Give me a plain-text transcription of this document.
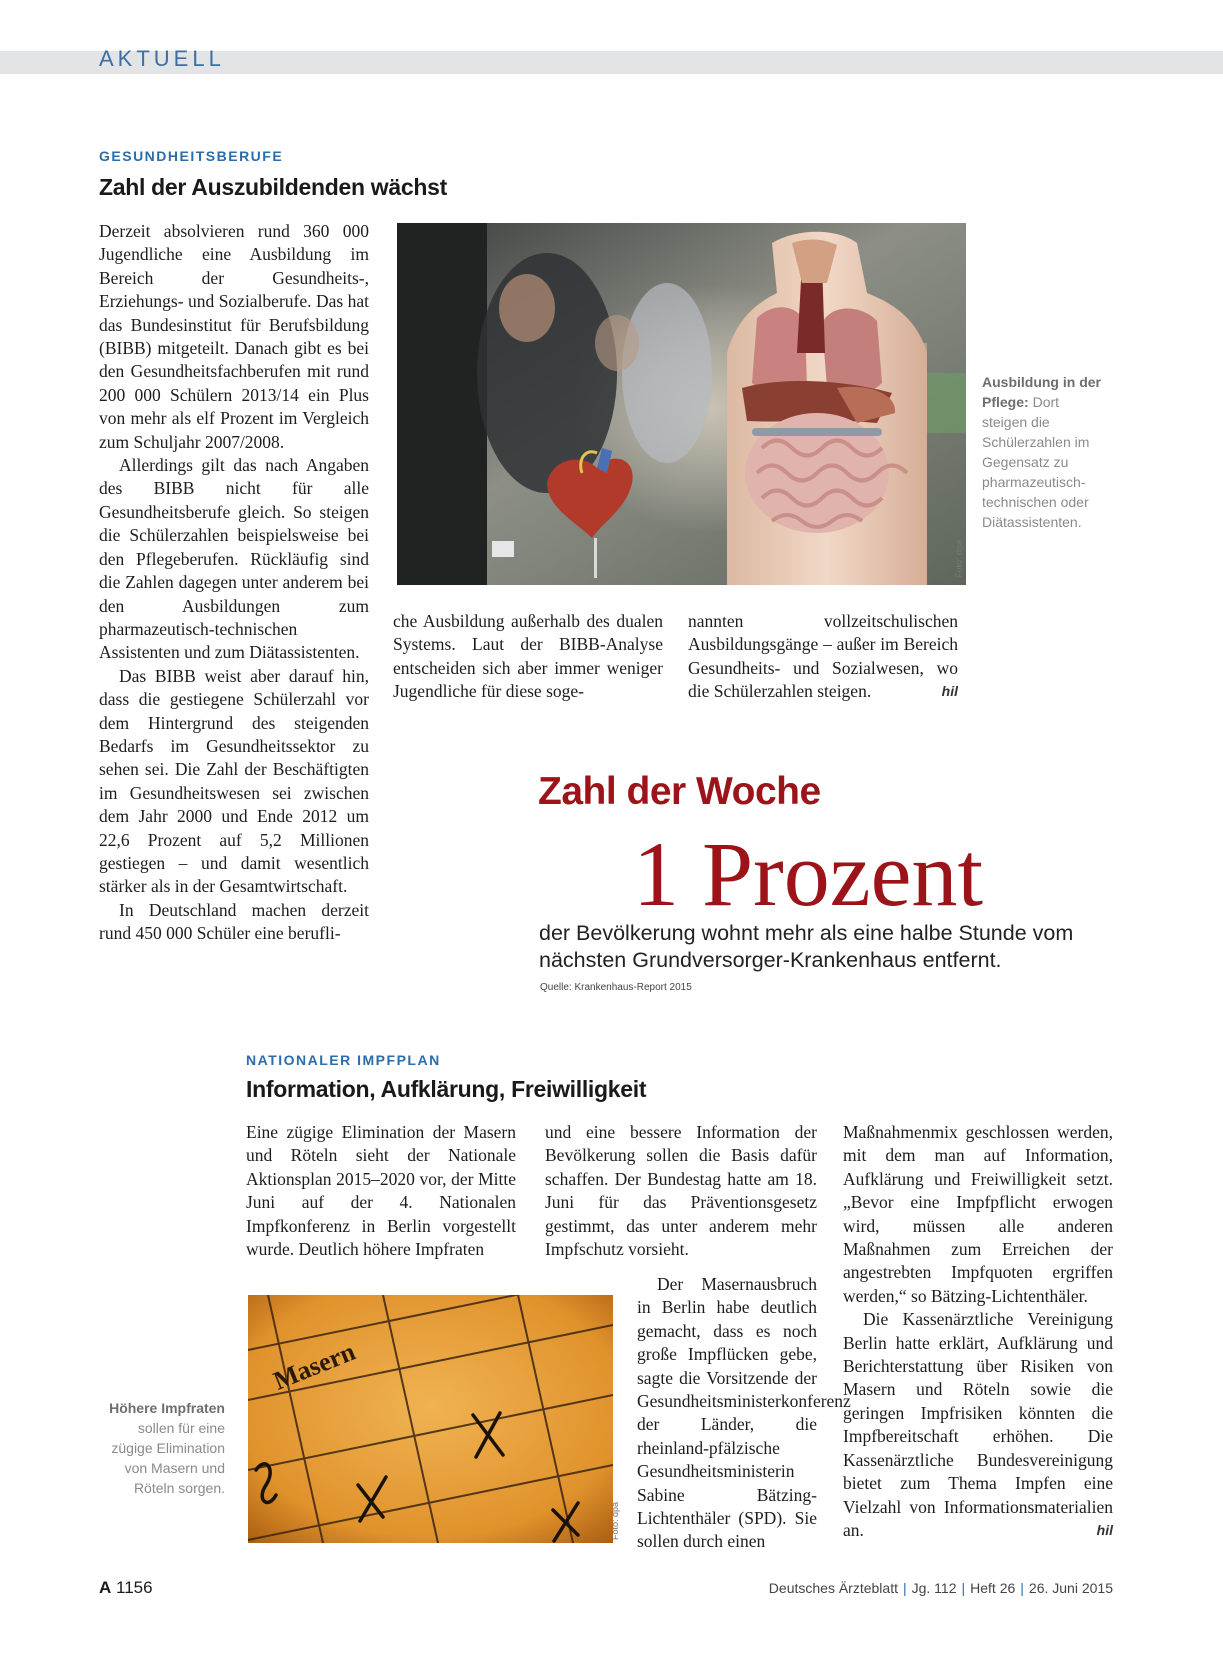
AKTUELL
GESUNDHEITSBERUFE
Zahl der Auszubildenden wächst

Derzeit absolvieren rund 360 000 Jugendliche eine Ausbildung im Bereich der Gesundheits-, Erziehungs- und Sozialberufe. Das hat das Bundesinstitut für Berufsbildung (BIBB) mitgeteilt. Danach gibt es bei den Gesundheitsfachberufen mit rund 200 000 Schülern 2013/14 ein Plus von mehr als elf Prozent im Vergleich zum Schuljahr 2007/2008.

Allerdings gilt das nach Angaben des BIBB nicht für alle Gesundheitsberufe gleich. So steigen die Schülerzahlen beispielsweise bei den Pflegeberufen. Rückläufig sind die Zahlen dagegen unter anderem bei den Ausbildungen zum pharmazeutisch-technischen Assistenten und zum Diätassistenten.

Das BIBB weist aber darauf hin, dass die gestiegene Schülerzahl vor dem Hintergrund des steigenden Bedarfs im Gesundheitssektor zu sehen sei. Die Zahl der Beschäftigten im Gesundheitswesen sei zwischen dem Jahr 2000 und Ende 2012 um 22,6 Prozent auf 5,2 Millionen gestiegen – und damit wesentlich stärker als in der Gesamtwirtschaft.

In Deutschland machen derzeit rund 450 000 Schüler eine berufli-

Foto: dpa
Ausbildung in der Pflege: Dort steigen die Schülerzahlen im Gegensatz zu pharmazeutisch-technischen oder Diätassistenten.

che Ausbildung außerhalb des dualen Systems. Laut der BIBB-Analyse entscheiden sich aber immer weniger Jugendliche für diese soge-

nannten vollzeitschulischen Ausbildungsgänge – außer im Bereich Gesundheits- und Sozialwesen, wo die Schülerzahlen steigen.	hil

Zahl der Woche
1 Prozent
der Bevölkerung wohnt mehr als eine halbe Stunde vom nächsten Grundversorger-Krankenhaus entfernt.
Quelle: Krankenhaus-Report 2015
NATIONALER IMPFPLAN
Information, Aufklärung, Freiwilligkeit

Eine zügige Elimination der Masern und Röteln sieht der Nationale Aktionsplan 2015–2020 vor, der Mitte Juni auf der 4. Nationalen Impfkonferenz in Berlin vorgestellt wurde. Deutlich höhere Impfraten

Masern
Foto: dpa
Höhere Impfraten sollen für eine zügige Elimination von Masern und Röteln sorgen.

und eine bessere Information der Bevölkerung sollen die Basis dafür schaffen. Der Bundestag hatte am 18. Juni für das Präventionsgesetz gestimmt, das unter anderem mehr Impfschutz vorsieht.

Der Masernausbruch in Berlin habe deutlich gemacht, dass es noch große Impflücken gebe, sagte die Vorsitzende der Gesundheitsministerkonferenz der Länder, die rheinland-pfälzische Gesundheitsministerin Sabine Bätzing-Lichtenthäler (SPD). Sie sollen durch einen

Maßnahmenmix geschlossen werden, mit dem man auf Information, Aufklärung und Freiwilligkeit setzt. „Bevor eine Impfpflicht erwogen wird, müssen alle anderen Maßnahmen zum Erreichen der angestrebten Impfquoten ergriffen werden,“ so Bätzing-Lichtenthäler.

Die Kassenärztliche Vereinigung Berlin hatte erklärt, Aufklärung und Berichterstattung über Risiken von Masern und Röteln sowie die geringen Impfrisiken könnten die Impfbereitschaft erhöhen. Die Kassenärztliche Bundesvereinigung bietet zum Thema Impfen eine Vielzahl von Informationsmaterialien an.	hil

A 1156	Deutsches Ärzteblatt | Jg. 112 | Heft 26 | 26. Juni 2015
